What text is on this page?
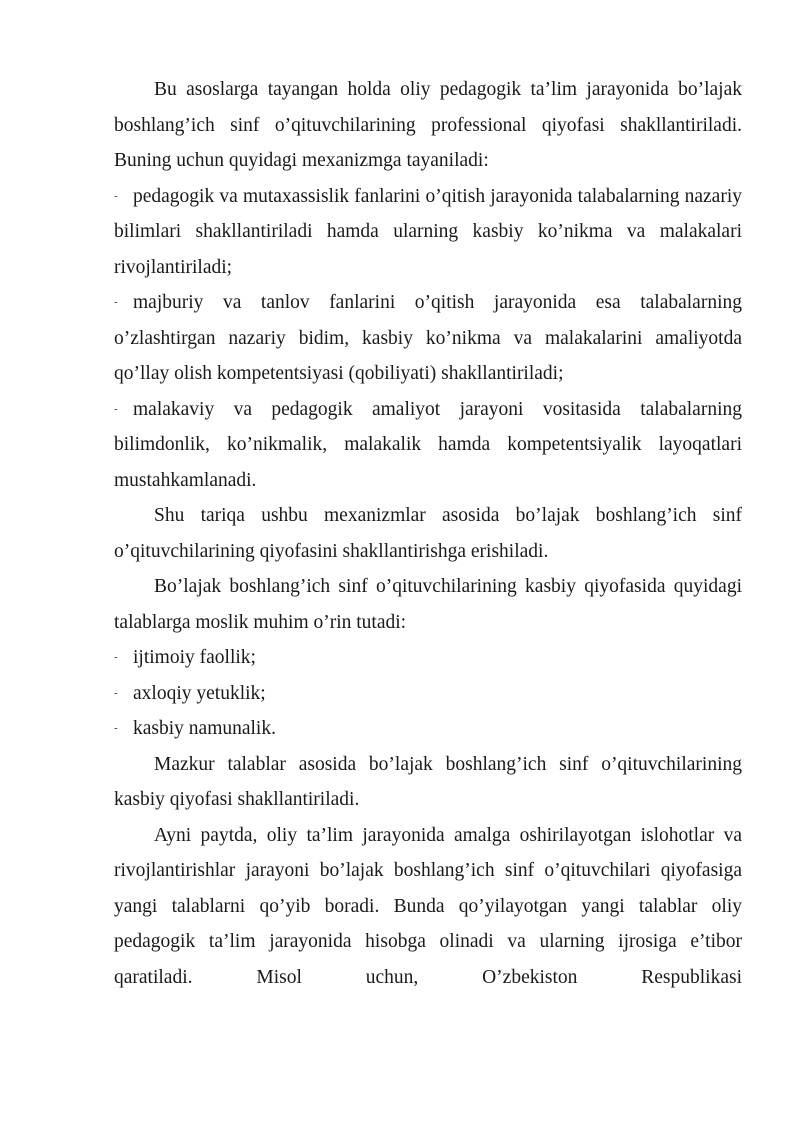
Bu asoslarga tayangan holda oliy pedagogik ta’lim jarayonida bo’lajak boshlang’ich sinf o’qituvchilarining professional qiyofasi shakllantiriladi. Buning uchun quyidagi mexanizmga tayaniladi:

- pedagogik va mutaxassislik fanlarini o’qitish jarayonida talabalarning nazariy bilimlari shakllantiriladi hamda ularning kasbiy ko’nikma va malakalari rivojlantiriladi;

- majburiy va tanlov fanlarini o’qitish jarayonida esa talabalarning o’zlashtirgan nazariy bidim, kasbiy ko’nikma va malakalarini amaliyotda qo’llay olish kompetentsiyasi (qobiliyati) shakllantiriladi;

- malakaviy va pedagogik amaliyot jarayoni vositasida talabalarning bilimdonlik, ko’nikmalik, malakalik hamda kompetentsiyalik layoqatlari mustahkamlanadi.

Shu tariqa ushbu mexanizmlar asosida bo’lajak boshlang’ich sinf o’qituvchilarining qiyofasini shakllantirishga erishiladi.

Bo’lajak boshlang’ich sinf o’qituvchilarining kasbiy qiyofasida quyidagi talablarga moslik muhim o’rin tutadi:

- ijtimoiy faollik;

- axloqiy yetuklik;

- kasbiy namunalik.

Mazkur talablar asosida bo’lajak boshlang’ich sinf o’qituvchilarining kasbiy qiyofasi shakllantiriladi.

Ayni paytda, oliy ta’lim jarayonida amalga oshirilayotgan islohotlar va rivojlantirishlar jarayoni bo’lajak boshlang’ich sinf o’qituvchilari qiyofasiga yangi talablarni qo’yib boradi. Bunda qo’yilayotgan yangi talablar oliy pedagogik ta’lim jarayonida hisobga olinadi va ularning ijrosiga e’tibor qaratiladi. Misol uchun, O’zbekiston Respublikasi
